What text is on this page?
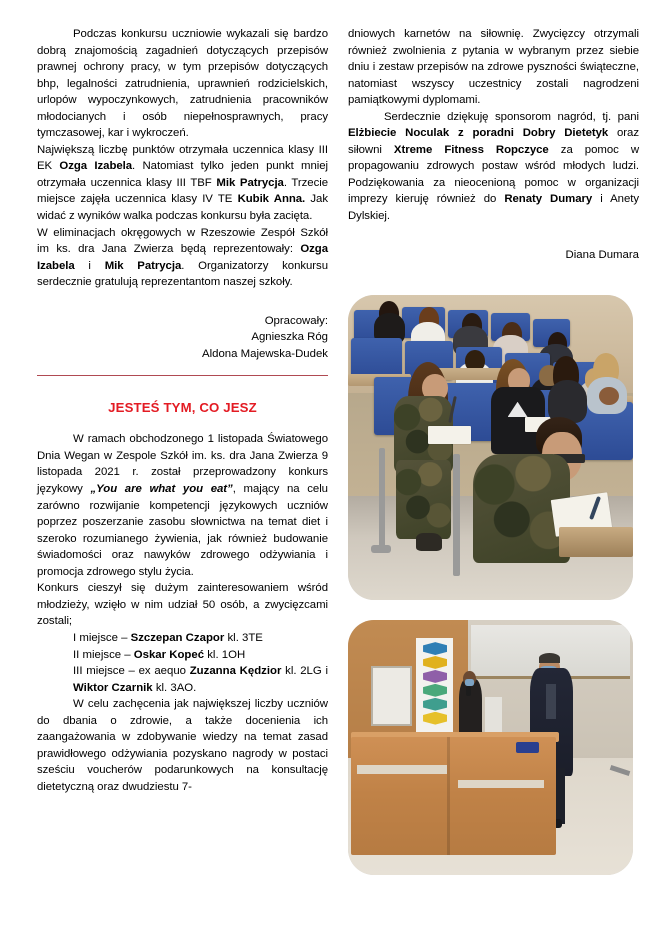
Podczas konkursu uczniowie wykazali się bardzo dobrą znajomością zagadnień dotyczących przepisów prawnej ochrony pracy, w tym przepisów dotyczących bhp, legalności zatrudnienia, uprawnień rodzicielskich, urlopów wypoczynkowych, zatrudnienia pracowników młodocianych i osób niepełnosprawnych, pracy tymczasowej, kar i wykroczeń.

Największą liczbę punktów otrzymała uczennica klasy III EK Ozga Izabela. Natomiast tylko jeden punkt mniej otrzymała uczennica klasy III TBF Mik Patrycja. Trzecie miejsce zajęła uczennica klasy IV TE Kubik Anna. Jak widać z wyników walka podczas konkursu była zacięta.

W eliminacjach okręgowych w Rzeszowie Zespół Szkół im ks. dra Jana Zwierza będą reprezentowały: Ozga Izabela i Mik Patrycja. Organizatorzy konkursu serdecznie gratulują reprezentantom naszej szkoły.

Opracowały:

Agnieszka Róg

Aldona Majewska-Dudek

JESTEŚ TYM, CO JESZ

W ramach obchodzonego 1 listopada Światowego Dnia Wegan w Zespole Szkół im. ks. dra Jana Zwierza 9 listopada 2021 r. został przeprowadzony konkurs językowy „You are what you eat”, mający na celu zarówno rozwijanie kompetencji językowych uczniów poprzez poszerzanie zasobu słownictwa na temat diet i szeroko rozumianego żywienia, jak również budowanie świadomości oraz nawyków zdrowego odżywiania i promocja zdrowego stylu życia.

Konkurs cieszył się dużym zainteresowaniem wśród młodzieży, wzięło w nim udział 50 osób, a zwycięzcami zostali;

I miejsce – Szczepan Czapor kl. 3TE

II miejsce – Oskar Kopeć kl. 1OH

III miejsce – ex aequo Zuzanna Kędzior kl. 2LG i Wiktor Czarnik kl. 3AO.

W celu zachęcenia jak największej liczby uczniów do dbania o zdrowie, a także docenienia ich zaangażowania w zdobywanie wiedzy na temat zasad prawidłowego odżywiania pozyskano nagrody w postaci sześciu voucherów podarunkowych na konsultację dietetyczną oraz dwudziestu 7-

dniowych karnetów na siłownię. Zwycięzcy otrzymali również zwolnienia z pytania w wybranym przez siebie dniu i zestaw przepisów na zdrowe pyszności świąteczne, natomiast wszyscy uczestnicy zostali nagrodzeni pamiątkowymi dyplomami.

Serdecznie dziękuję sponsorom nagród, tj. pani Elżbiecie Noculak z poradni Dobry Dietetyk oraz siłowni Xtreme Fitness Ropczyce za pomoc w propagowaniu zdrowych postaw wśród młodych ludzi. Podziękowania za nieocenioną pomoc w organizacji imprezy kieruję również do Renaty Dumary i Anety Dylskiej.

Diana Dumara
